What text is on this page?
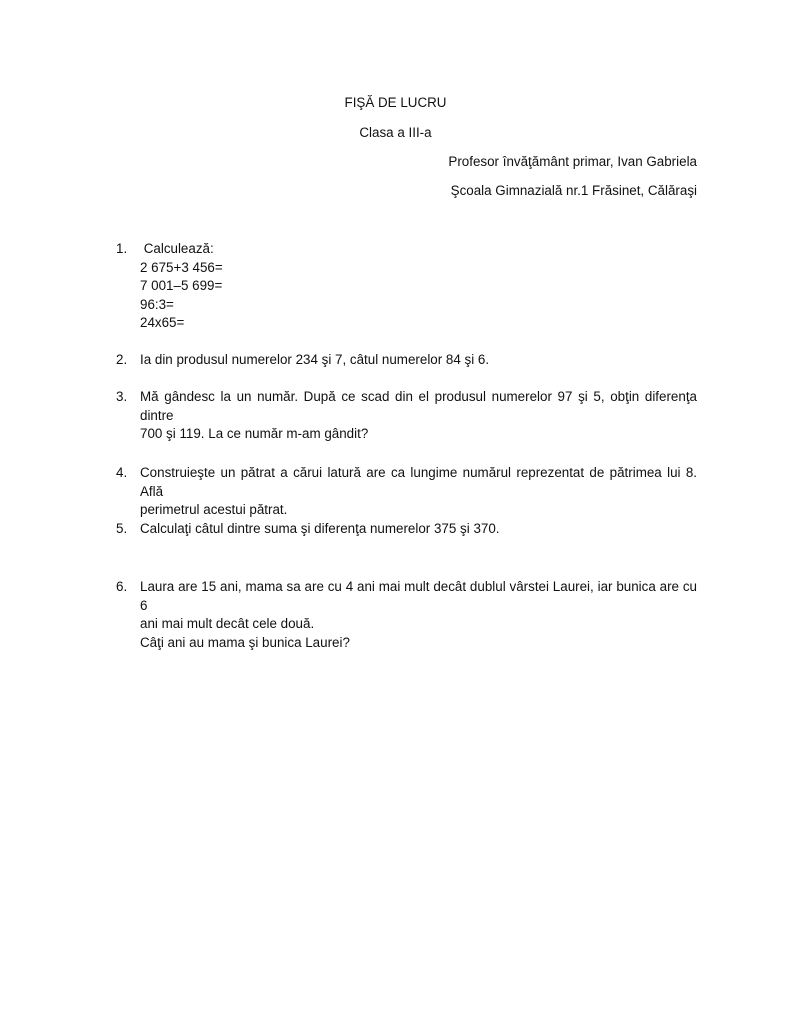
FIŞĂ DE LUCRU
Clasa a III-a
Profesor învăţământ primar, Ivan Gabriela
Şcoala Gimnazială nr.1 Frăsinet, Călăraşi
1. Calculează:
2 675+3 456=
7 001–5 699=
96:3=
24x65=
2. Ia din produsul numerelor 234 şi 7, câtul numerelor 84 şi 6.
3. Mă gândesc la un număr. După ce scad din el produsul numerelor 97 şi 5, obţin diferenţa dintre
700 şi 119. La ce număr m-am gândit?
4. Construieşte un pătrat a cărui latură are ca lungime numărul reprezentat de pătrimea lui 8. Află
perimetrul acestui pătrat.
5. Calculaţi câtul dintre suma şi diferenţa numerelor 375 şi 370.
6. Laura are 15 ani, mama sa are cu 4 ani mai mult decât dublul vârstei Laurei, iar bunica are cu 6
ani mai mult decât cele două.
Câţi ani au mama şi bunica Laurei?
